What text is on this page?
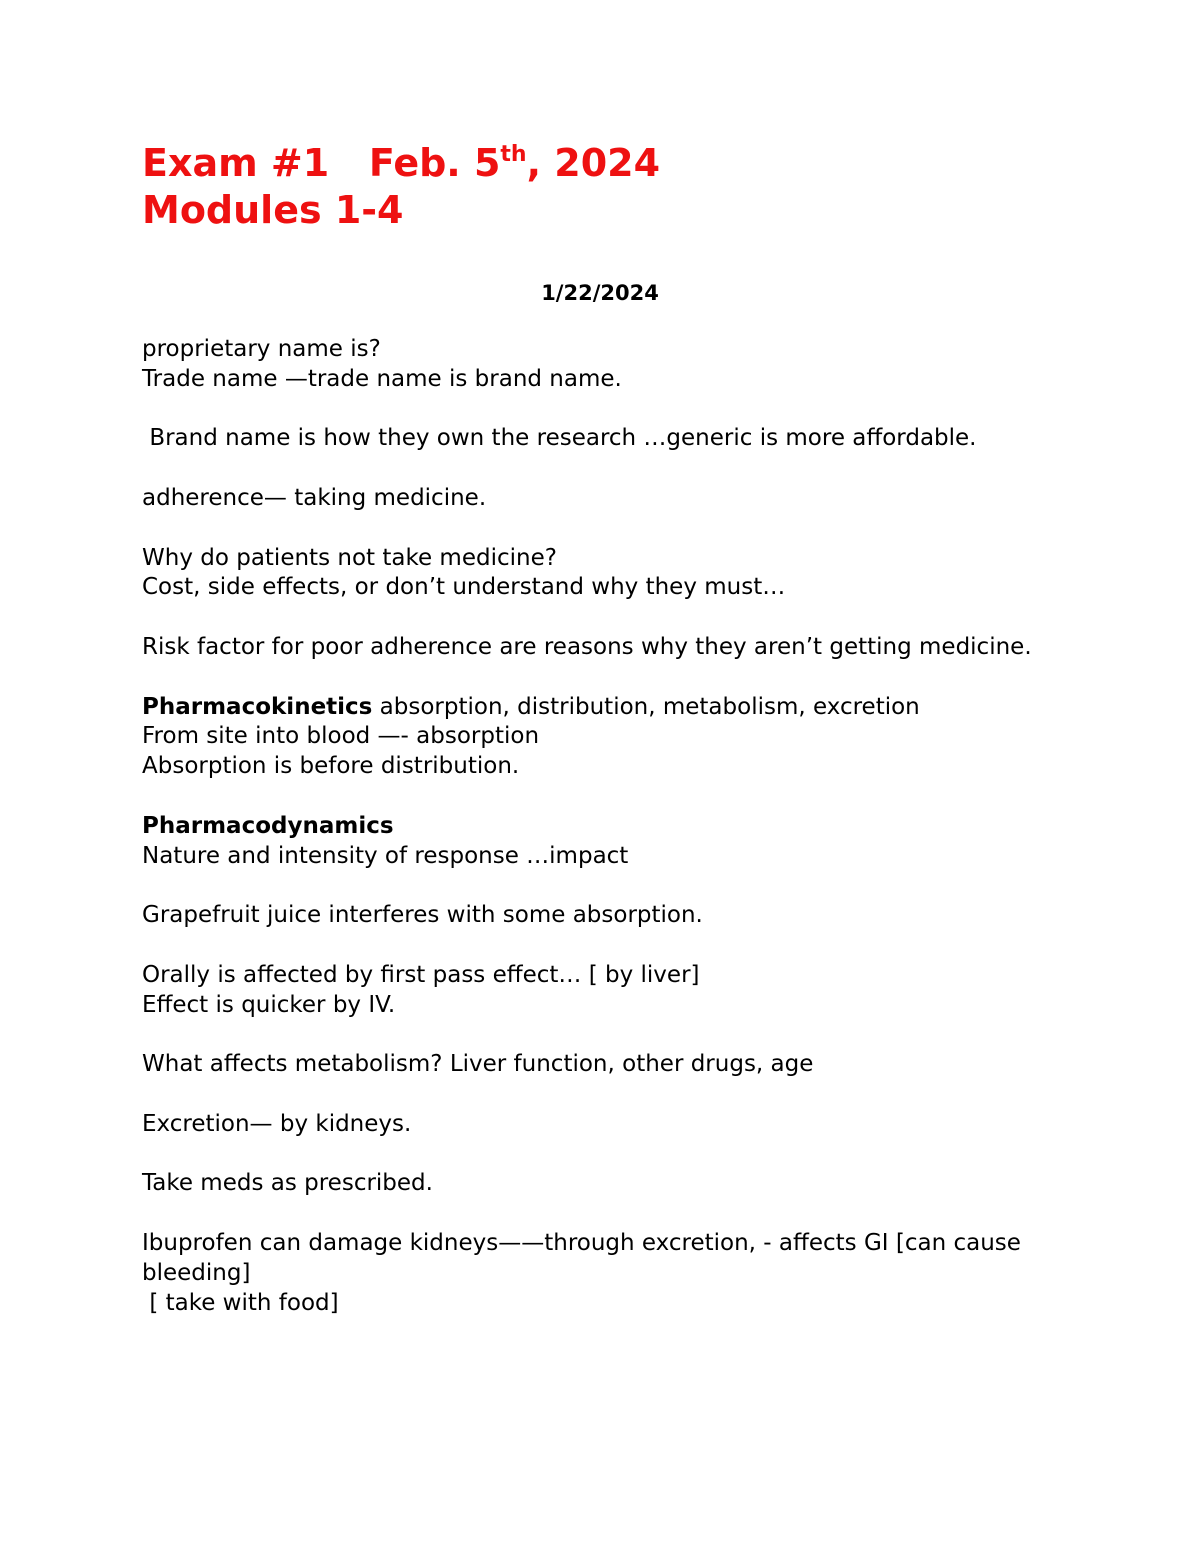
Exam #1   Feb. 5th, 2024
Modules 1-4
1/22/2024
proprietary name is?
Trade name —trade name is brand name.
Brand name is how they own the research …generic is more affordable.
adherence— taking medicine.
Why do patients not take medicine?
Cost, side effects, or don’t understand why they must…
Risk factor for poor adherence are reasons why they aren’t getting medicine.
Pharmacokinetics absorption, distribution, metabolism, excretion
From site into blood —- absorption
Absorption is before distribution.
Pharmacodynamics
Nature and intensity of response …impact
Grapefruit juice interferes with some absorption.
Orally is affected by first pass effect… [ by liver]
Effect is quicker by IV.
What affects metabolism? Liver function, other drugs, age
Excretion— by kidneys.
Take meds as prescribed.
Ibuprofen can damage kidneys——through excretion, - affects GI [can cause bleeding]
[ take with food]
